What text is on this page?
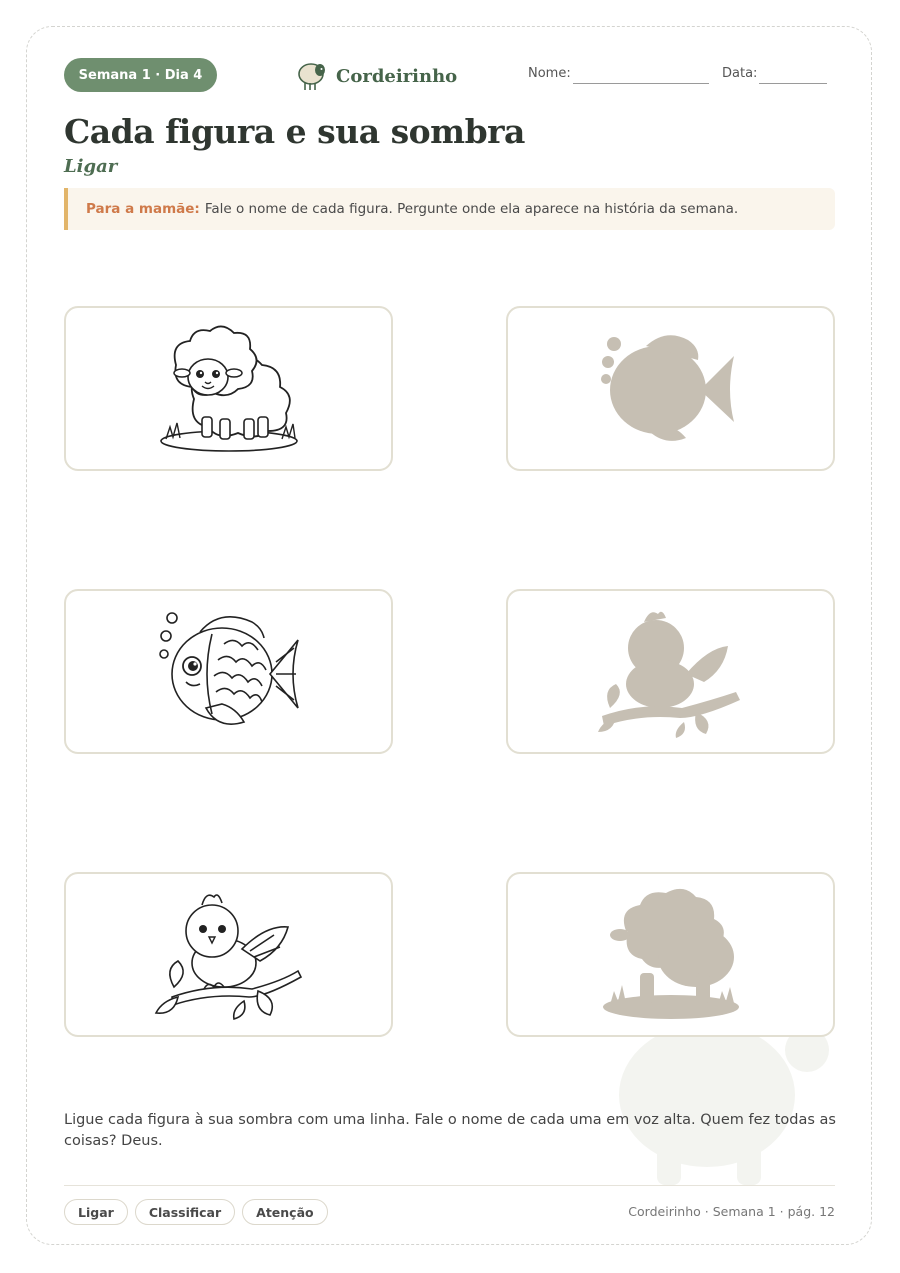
Semana 1 · Dia 4	Cordeirinho	Nome:	Data:
Cada figura e sua sombra
Ligar
Para a mamãe: Fale o nome de cada figura. Pergunte onde ela aparece na história da semana.

Ligue cada figura à sua sombra com uma linha. Fale o nome de cada uma em voz alta. Quem fez todas as coisas? Deus.

Ligar	Classificar	Atenção	Cordeirinho · Semana 1 · pág. 12
